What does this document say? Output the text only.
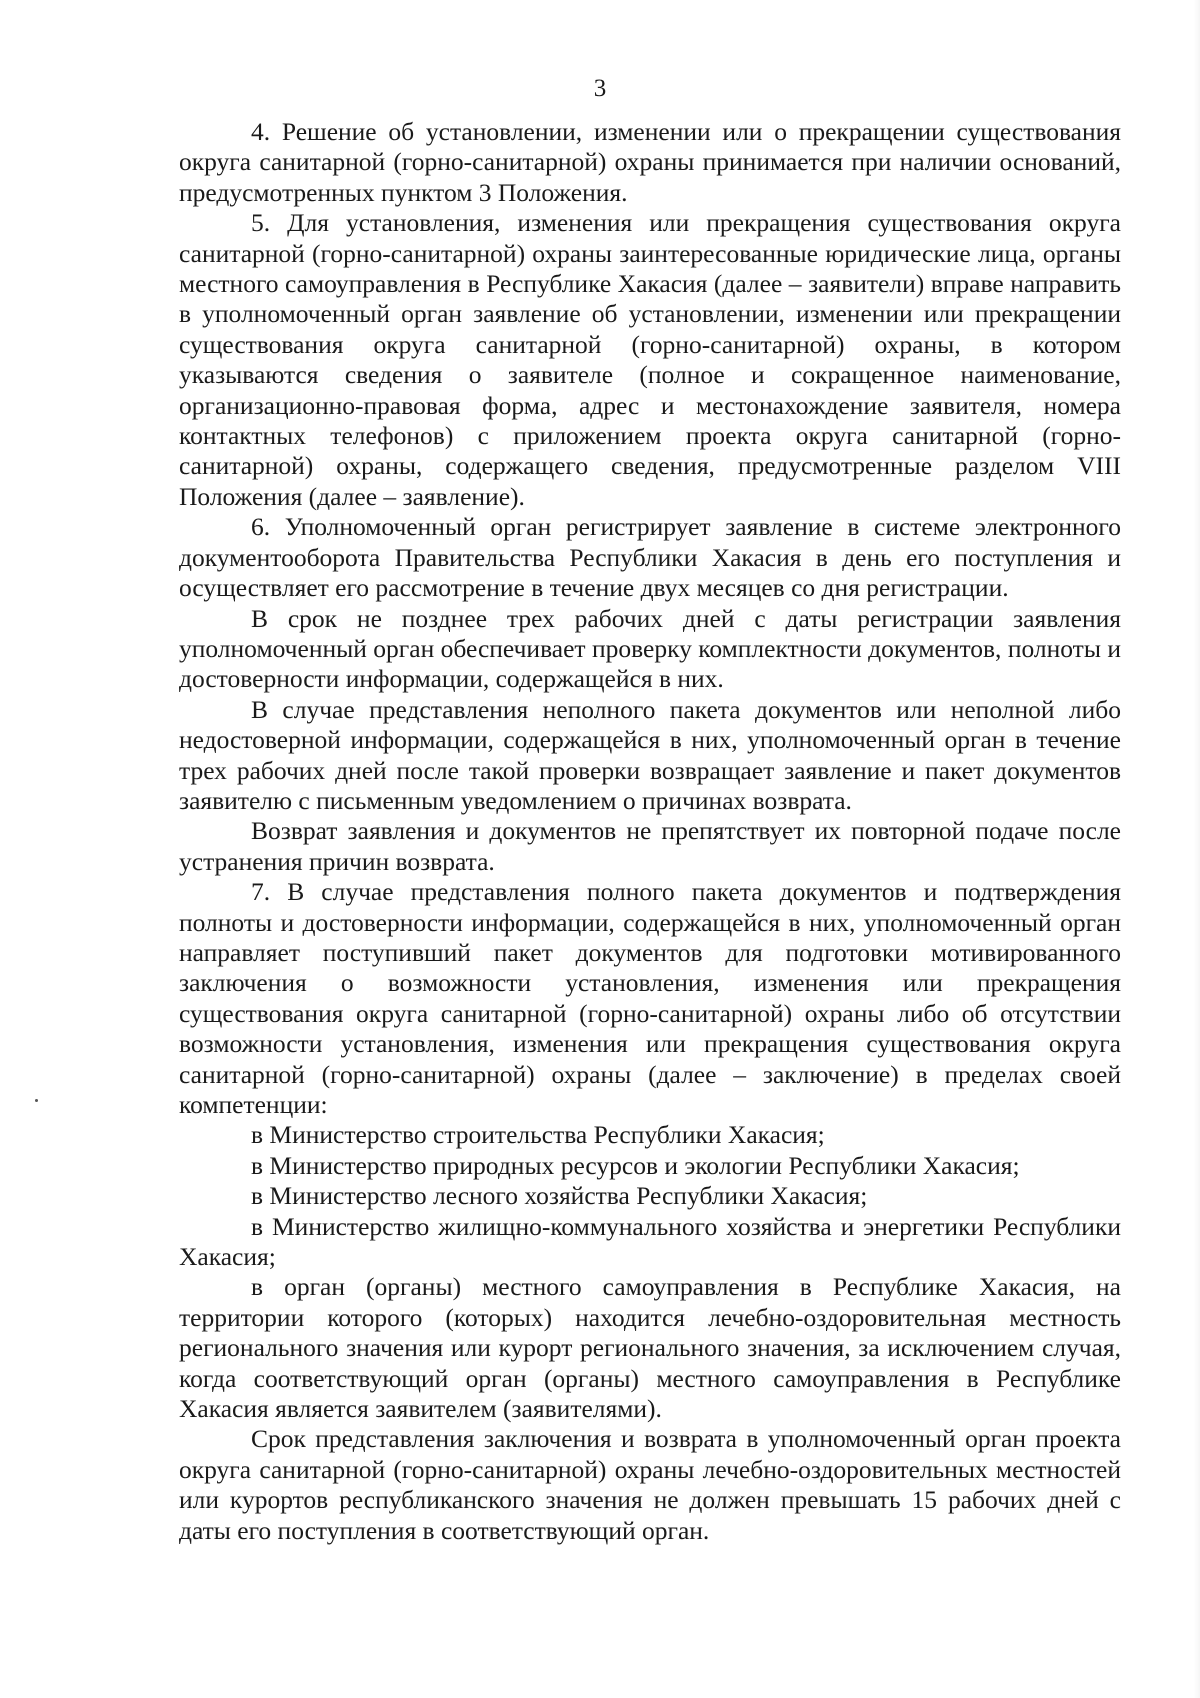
3

4. Решение об установлении, изменении или о прекращении существования округа санитарной (горно-санитарной) охраны принимается при наличии оснований, предусмотренных пунктом 3 Положения.

5. Для установления, изменения или прекращения существования округа санитарной (горно-санитарной) охраны заинтересованные юридические лица, органы местного самоуправления в Республике Хакасия (далее – заявители) вправе направить в уполномоченный орган заявление об установлении, изменении или прекращении существования округа санитарной (горно-санитарной) охраны, в котором указываются сведения о заявителе (полное и сокращенное наименование, организационно-правовая форма, адрес и местонахождение заявителя, номера контактных телефонов) с приложением проекта округа санитарной (горно-санитарной) охраны, содержащего сведения, предусмотренные разделом VIII Положения (далее – заявление).

6. Уполномоченный орган регистрирует заявление в системе электронного документооборота Правительства Республики Хакасия в день его поступления и осуществляет его рассмотрение в течение двух месяцев со дня регистрации.

В срок не позднее трех рабочих дней с даты регистрации заявления уполномоченный орган обеспечивает проверку комплектности документов, полноты и достоверности информации, содержащейся в них.

В случае представления неполного пакета документов или неполной либо недостоверной информации, содержащейся в них, уполномоченный орган в течение трех рабочих дней после такой проверки возвращает заявление и пакет документов заявителю с письменным уведомлением о причинах возврата.

Возврат заявления и документов не препятствует их повторной подаче после устранения причин возврата.

7. В случае представления полного пакета документов и подтверждения полноты и достоверности информации, содержащейся в них, уполномоченный орган направляет поступивший пакет документов для подготовки мотивированного заключения о возможности установления, изменения или прекращения существования округа санитарной (горно-санитарной) охраны либо об отсутствии возможности установления, изменения или прекращения существования округа санитарной (горно-санитарной) охраны (далее – заключение) в пределах своей компетенции:

в Министерство строительства Республики Хакасия;

в Министерство природных ресурсов и экологии Республики Хакасия;

в Министерство лесного хозяйства Республики Хакасия;

в Министерство жилищно-коммунального хозяйства и энергетики Республики Хакасия;

в орган (органы) местного самоуправления в Республике Хакасия, на территории которого (которых) находится лечебно-оздоровительная местность регионального значения или курорт регионального значения, за исключением случая, когда соответствующий орган (органы) местного самоуправления в Республике Хакасия является заявителем (заявителями).

Срок представления заключения и возврата в уполномоченный орган проекта округа санитарной (горно-санитарной) охраны лечебно-оздоровительных местностей или курортов республиканского значения не должен превышать 15 рабочих дней с даты его поступления в соответствующий орган.
